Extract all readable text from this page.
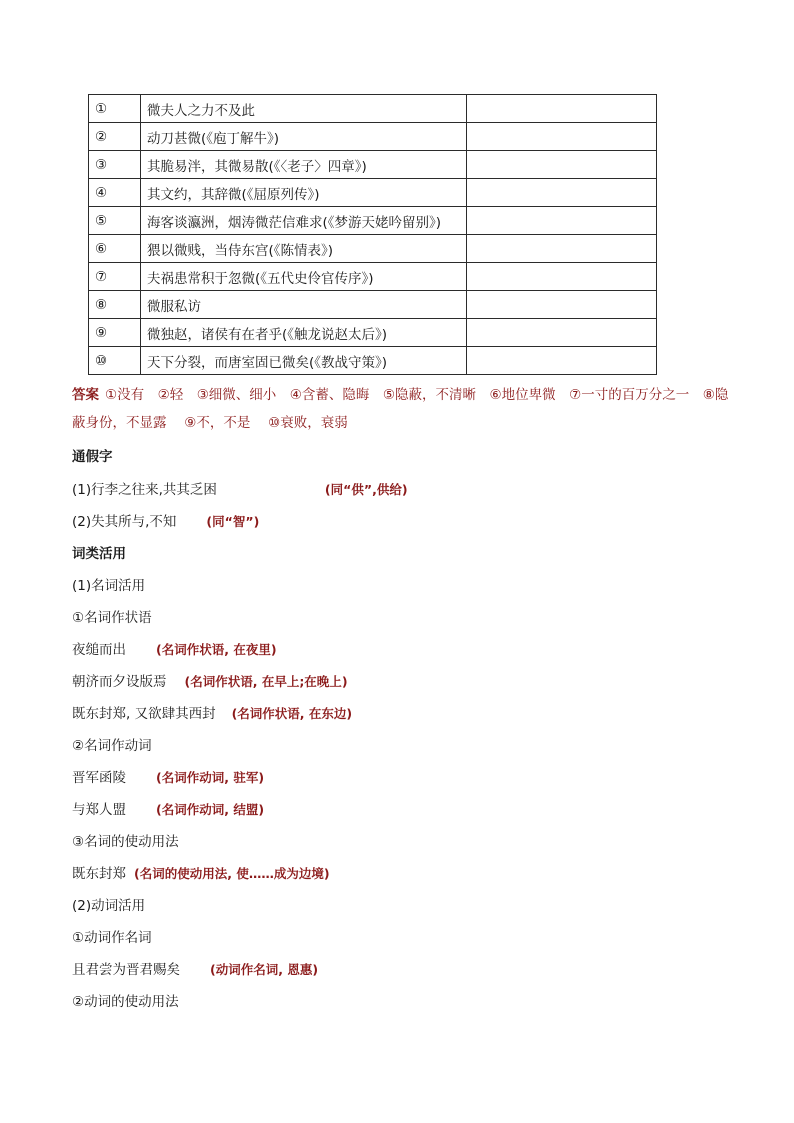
①	微夫人之力不及此	
②	动刀甚微(《庖丁解牛》)	
③	其脆易泮，其微易散(《〈老子〉四章》)	
④	其文约，其辞微(《屈原列传》)	
⑤	海客谈瀛洲，烟涛微茫信难求(《梦游天姥吟留别》)	
⑥	猥以微贱，当侍东宫(《陈情表》)	
⑦	夫祸患常积于忽微(《五代史伶官传序》)	
⑧	微服私访	
⑨	微独赵，诸侯有在者乎(《触龙说赵太后》)	
⑩	天下分裂，而唐室固已微矣(《教战守策》)	
答案 ①没有　②轻　③细微、细小　④含蓄、隐晦　⑤隐蔽，不清晰　⑥地位卑微　⑦一寸的百万分之一　⑧隐蔽身份，不显露　 ⑨不，不是　 ⑩衰败，衰弱
通假字
(1)行李之往来,共其乏困	(同“供”,供给)
(2)失其所与,不知 (同“智”)
词类活用
(1)名词活用
①名词作状语
夜缒而出 (名词作状语, 在夜里)
朝济而夕设版焉 (名词作状语, 在早上;在晚上)
既东封郑, 又欲肆其西封 (名词作状语, 在东边)
②名词作动词
晋军函陵 (名词作动词, 驻军)
与郑人盟 (名词作动词, 结盟)
③名词的使动用法
既东封郑 (名词的使动用法, 使……成为边境)
(2)动词活用
①动词作名词
且君尝为晋君赐矣 (动词作名词, 恩惠)
②动词的使动用法
